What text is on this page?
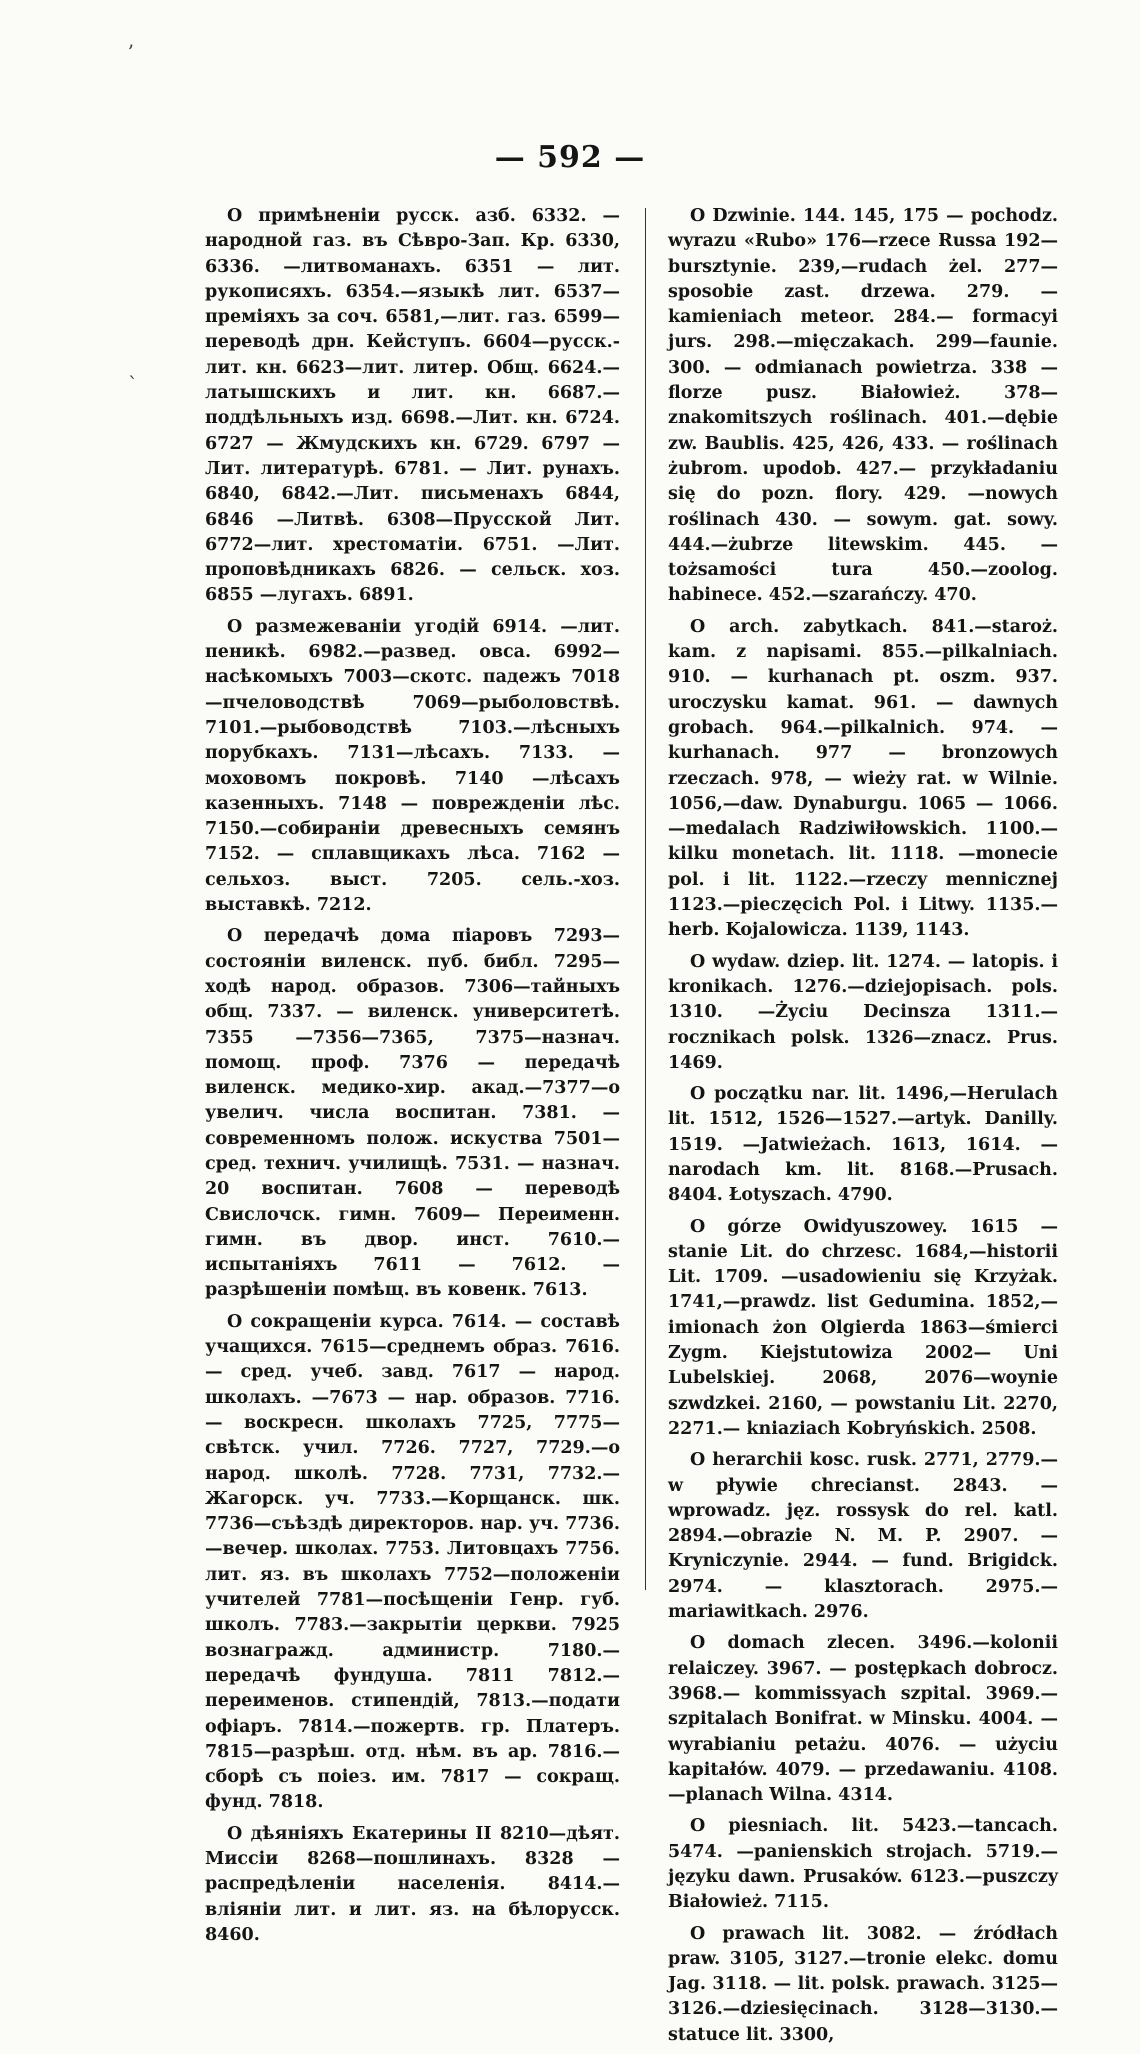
ʼ
ˋ
— 592 —

О примѣненіи русск. азб. 6332. — народной газ. въ Сѣвро-Зап. Кр. 6330, 6336. —литвоманахъ. 6351 — лит. рукописяхъ. 6354.—языкѣ лит. 6537—преміяхъ за соч. 6581,—лит. газ. 6599—переводѣ дрн. Кейступъ. 6604—русск.-лит. кн. 6623—лит. литер. Общ. 6624.—латышскихъ и лит. кн. 6687.—поддѣльныхъ изд. 6698.—Лит. кн. 6724. 6727 — Жмудскихъ кн. 6729. 6797 —Лит. литературѣ. 6781. — Лит. рунахъ. 6840, 6842.—Лит. письменахъ 6844, 6846 —Литвѣ. 6308—Прусской Лит. 6772—лит. хрестоматіи. 6751. —Лит. проповѣдникахъ 6826. — сельск. хоз. 6855 —лугахъ. 6891.

О размежеваніи угодій 6914. —лит. пеникѣ. 6982.—развед. овса. 6992—насѣкомыхъ 7003—скотс. падежъ 7018—пчеловодствѣ 7069—рыболовствѣ. 7101.—рыбоводствѣ 7103.—лѣсныхъ порубкахъ. 7131—лѣсахъ. 7133. — моховомъ покровѣ. 7140 —лѣсахъ казенныхъ. 7148 — поврежденіи лѣс. 7150.—собираніи древесныхъ семянъ 7152. — сплавщикахъ лѣса. 7162 — сельхоз. выст. 7205. сель.-хоз. выставкѣ. 7212.

О передачѣ дома піаровъ 7293—состояніи виленск. пуб. библ. 7295—ходѣ народ. образов. 7306—тайныхъ общ. 7337. — виленск. университетѣ. 7355 —7356—7365, 7375—назнач. помощ. проф. 7376 — передачѣ виленск. медико-хир. акад.—7377—о увелич. числа воспитан. 7381. —современномъ полож. искуства 7501—сред. технич. училищѣ. 7531. — назнач. 20 воспитан. 7608 — переводѣ Свислочск. гимн. 7609— Переименн. гимн. въ двор. инст. 7610.— испытаніяхъ 7611 — 7612. — разрѣшеніи помѣщ. въ ковенк. 7613.

О сокращеніи курса. 7614. — составѣ учащихся. 7615—среднемъ образ. 7616.— сред. учеб. завд. 7617 — народ. школахъ. —7673 — нар. образов. 7716. — воскресн. школахъ 7725, 7775—свѣтск. учил. 7726. 7727, 7729.—о народ. школѣ. 7728. 7731, 7732.—Жагорск. уч. 7733.—Корщанск. шк. 7736—съѣздѣ директоров. нар. уч. 7736. —вечер. школах. 7753. Литовцахъ 7756. лит. яз. въ школахъ 7752—положеніи учителей 7781—посѣщеніи Генр. губ. школъ. 7783.—закрытіи церкви. 7925 вознагражд. администр. 7180.—передачѣ фундуша. 7811 7812.—переименов. стипендій, 7813.—подати офіаръ. 7814.—пожертв. гр. Платеръ. 7815—разрѣш. отд. нѣм. въ ар. 7816.— сборѣ съ поіез. им. 7817 — сокращ. фунд. 7818.

О дѣяніяхъ Екатерины II 8210—дѣят. Миссіи 8268—пошлинахъ. 8328 — распредѣленіи населенія. 8414.—вліяніи лит. и лит. яз. на бѣлорусск. 8460.

O Dzwinie. 144. 145, 175 — pochodz. wyrazu «Rubo» 176—rzece Russa 192—bursztynie. 239,—rudach żel. 277—sposobie zast. drzewa. 279. — kamieniach meteor. 284.— formacyi jurs. 298.—mięczakach. 299—faunie. 300. — odmianach powietrza. 338 — florze pusz. Białowież. 378—znakomitszych roślinach. 401.—dębie zw. Baublis. 425, 426, 433. — roślinach żubrom. upodob. 427.— przykładaniu się do pozn. flory. 429. —nowych roślinach 430. — sowym. gat. sowy. 444.—żubrze litewskim. 445. — tożsamości tura 450.—zoolog. habinece. 452.—szarańczy. 470.

O arch. zabytkach. 841.—staroż. kam. z napisami. 855.—pilkalniach. 910. — kurhanach pt. oszm. 937. uroczysku kamat. 961. — dawnych grobach. 964.—pilkalnich. 974. — kurhanach. 977 — bronzowych rzeczach. 978, — wieży rat. w Wilnie. 1056,—daw. Dynaburgu. 1065 — 1066.—medalach Radziwiłowskich. 1100.—kilku monetach. lit. 1118. —monecie pol. i lit. 1122.—rzeczy mennicznej 1123.—pieczęcich Pol. i Litwy. 1135.—herb. Kojalowicza. 1139, 1143.

O wydaw. dziep. lit. 1274. — latopis. i kronikach. 1276.—dziejopisach. pols. 1310. —Życiu Decinsza 1311.—rocznikach polsk. 1326—znacz. Prus. 1469.

O początku nar. lit. 1496,—Herulach lit. 1512, 1526—1527.—artyk. Danilly. 1519. —Jatwieżach. 1613, 1614. — narodach km. lit. 8168.—Prusach. 8404. Łotyszach. 4790.

O górze Owidyuszowey. 1615 — stanie Lit. do chrzesc. 1684,—historii Lit. 1709. —usadowieniu się Krzyżak. 1741,—prawdz. list Gedumina. 1852,—imionach żon Olgierda 1863—śmierci Zygm. Kiejstutowiza 2002— Uni Lubelskiej. 2068, 2076—woynie szwdzkei. 2160, — powstaniu Lit. 2270, 2271.— kniaziach Kobryńskich. 2508.

O herarchii kosc. rusk. 2771, 2779.— w pływie chrecianst. 2843. — wprowadz. jęz. rossysk do rel. katl. 2894.—obrazie N. M. P. 2907. — Kryniczynie. 2944. — fund. Brigidck. 2974. — klasztorach. 2975.—mariawitkach. 2976.

O domach zlecen. 3496.—kolonii relaiczey. 3967. — postępkach dobrocz. 3968.— kommissyach szpital. 3969.—szpitalach Bonifrat. w Minsku. 4004. — wyrabianiu petażu. 4076. — użyciu kapitałów. 4079. — przedawaniu. 4108.—planach Wilna. 4314.

O piesniach. lit. 5423.—tancach. 5474. —panienskich strojach. 5719.—języku dawn. Prusaków. 6123.—puszczy Białowież. 7115.

O prawach lit. 3082. — źródłach praw. 3105, 3127.—tronie elekc. domu Jag. 3118. — lit. polsk. prawach. 3125—3126.—dziesięcinach. 3128—3130.—statuce lit. 3300,
